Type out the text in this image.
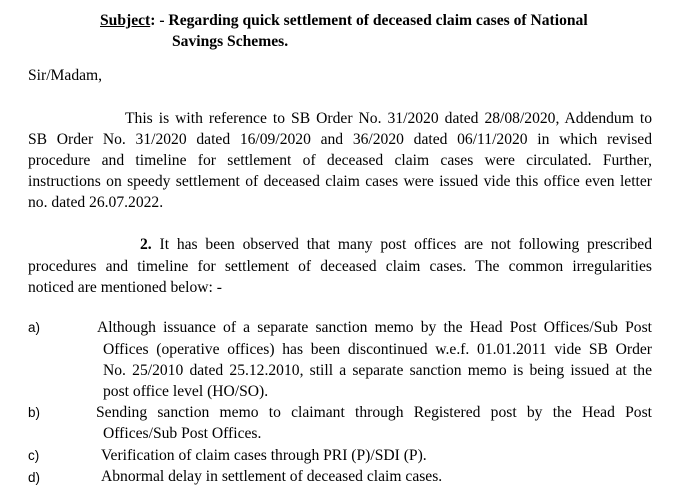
Subject: - Regarding quick settlement of deceased claim cases of National
Savings Schemes.
Sir/Madam,
This is with reference to SB Order No. 31/2020 dated 28/08/2020, Addendum to
SB Order No. 31/2020 dated 16/09/2020 and 36/2020 dated 06/11/2020 in which revised
procedure and timeline for settlement of deceased claim cases were circulated. Further,
instructions on speedy settlement of deceased claim cases were issued vide this office even letter
no. dated 26.07.2022.
2. It has been observed that many post offices are not following prescribed
procedures and timeline for settlement of deceased claim cases. The common irregularities
noticed are mentioned below: -
a)	Although issuance of a separate sanction memo by the Head Post Offices/Sub Post
Offices (operative offices) has been discontinued w.e.f. 01.01.2011 vide SB Order
No. 25/2010 dated 25.12.2010, still a separate sanction memo is being issued at the
post office level (HO/SO).
b)	Sending sanction memo to claimant through Registered post by the Head Post
Offices/Sub Post Offices.
c)	Verification of claim cases through PRI (P)/SDI (P).
d)	Abnormal delay in settlement of deceased claim cases.
